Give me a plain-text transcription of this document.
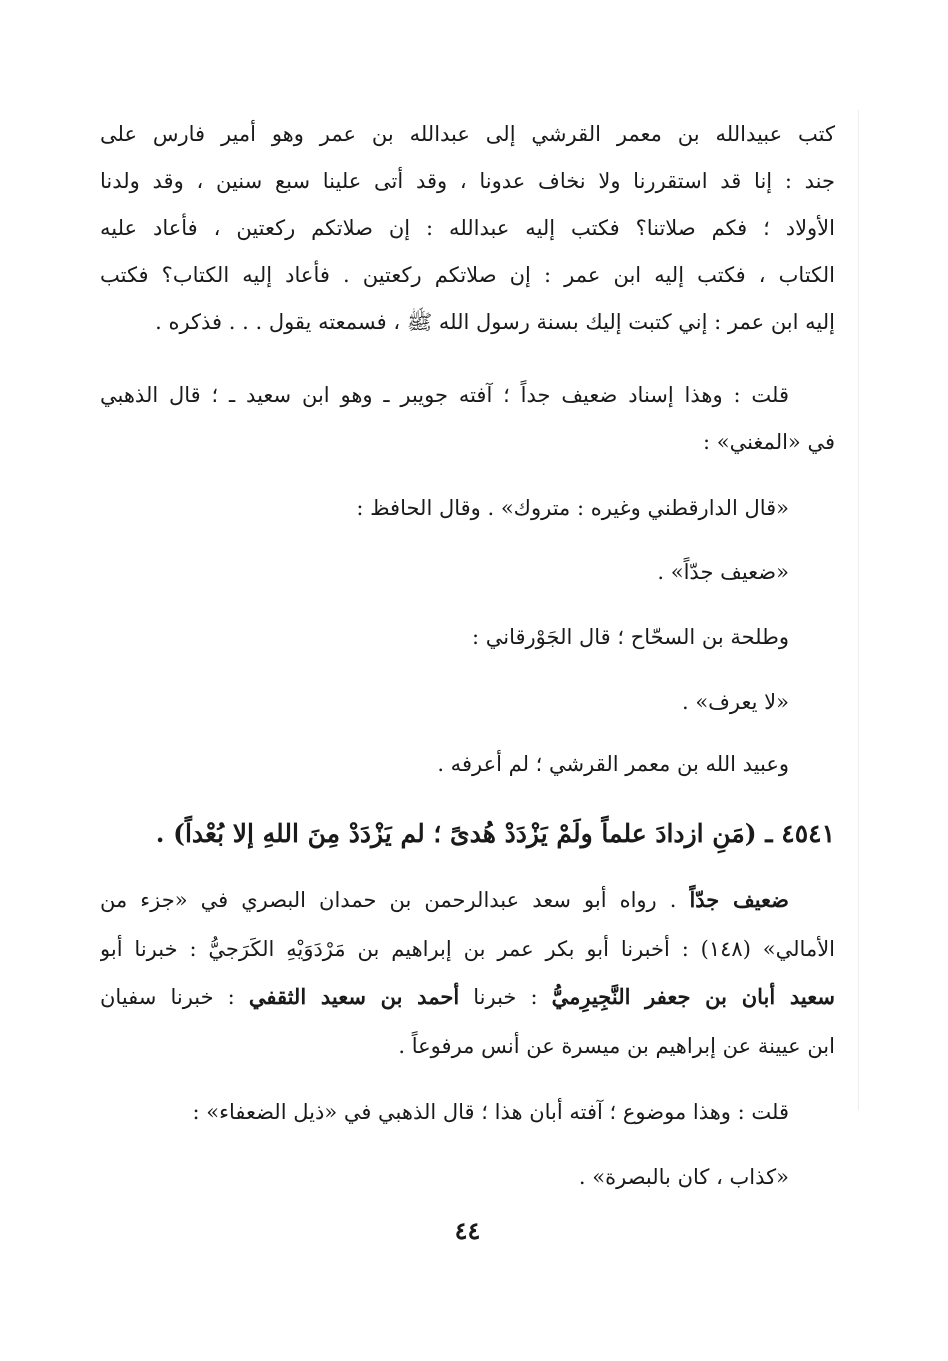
كتب عبيدالله بن معمر القرشي إلى عبدالله بن عمر وهو أمير فارس على
جند : إنا قد استقررنا ولا نخاف عدونا ، وقد أتى علينا سبع سنين ، وقد ولدنا
الأولاد ؛ فكم صلاتنا؟ فكتب إليه عبدالله : إن صلاتكم ركعتين ، فأعاد عليه
الكتاب ، فكتب إليه ابن عمر : إن صلاتكم ركعتين . فأعاد إليه الكتاب؟ فكتب
إليه ابن عمر : إني كتبت إليك بسنة رسول الله ﷺ ، فسمعته يقول . . . فذكره .
قلت : وهذا إسناد ضعيف جداً ؛ آفته جويبر ـ وهو ابن سعيد ـ ؛ قال الذهبي
في «المغني» :
«قال الدارقطني وغيره : متروك» . وقال الحافظ :
«ضعيف جدّاً» .
وطلحة بن السحّاح ؛ قال الجَوْرقاني :
«لا يعرف» .
وعبيد الله بن معمر القرشي ؛ لم أعرفه .
٤٥٤١ ـ (مَنِ ازدادَ علماً ولَمْ يَزْدَدْ هُدىً ؛ لم يَزْدَدْ مِنَ اللهِ إلا بُعْداً) .
ضعيف جدّاً . رواه أبو سعد عبدالرحمن بن حمدان البصري في «جزء من
الأمالي» (١٤٨) : أخبرنا أبو بكر عمر بن إبراهيم بن مَرْدَوَيْهِ الكَرَجيُّ : خبرنا أبو
سعيد أبان بن جعفر النَّجِيرِميُّ : خبرنا أحمد بن سعيد الثقفي : خبرنا سفيان
ابن عيينة عن إبراهيم بن ميسرة عن أنس مرفوعاً .
قلت : وهذا موضوع ؛ آفته أبان هذا ؛ قال الذهبي في «ذيل الضعفاء» :
«كذاب ، كان بالبصرة» .
٤٤
